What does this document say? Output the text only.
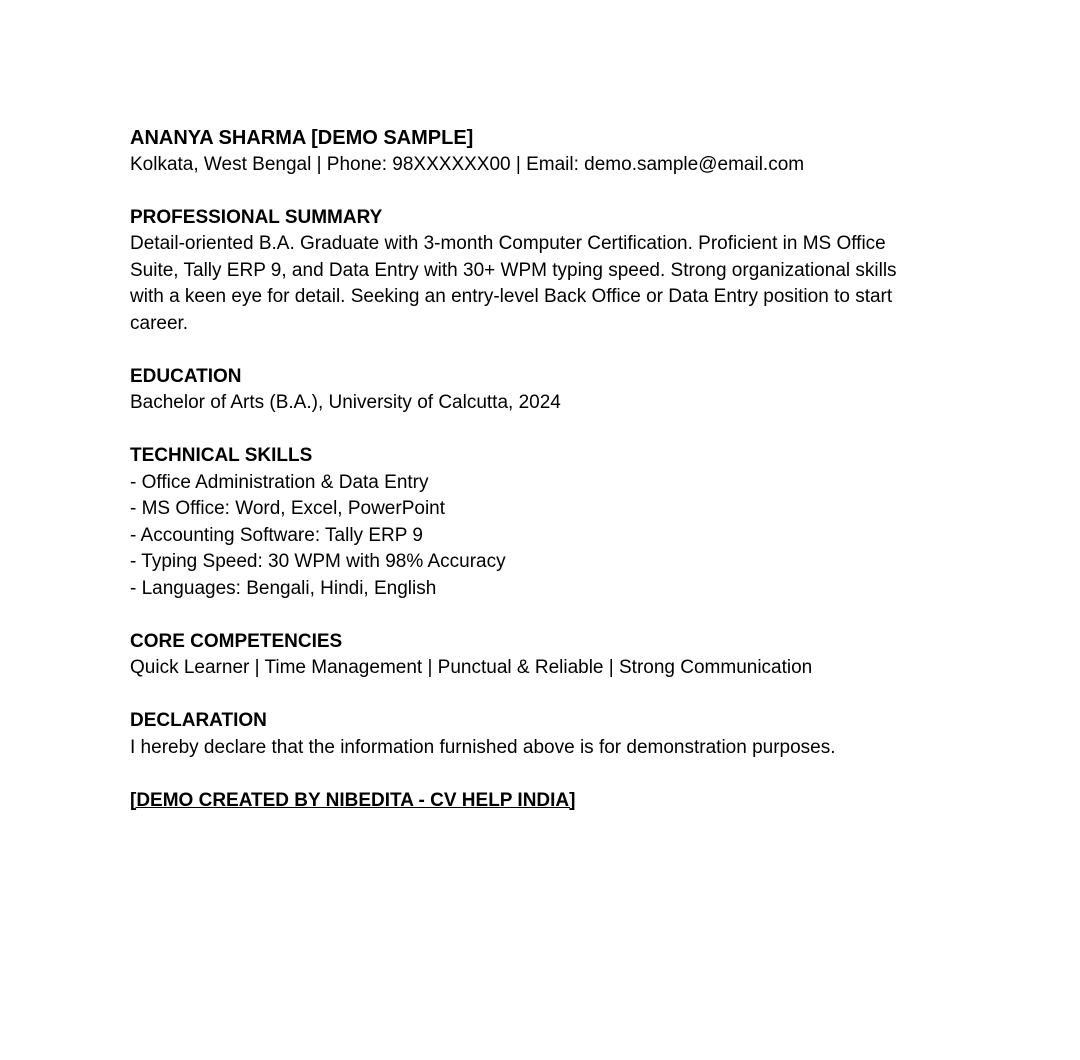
ANANYA SHARMA [DEMO SAMPLE]
Kolkata, West Bengal | Phone: 98XXXXXX00 | Email: demo.sample@email.com
PROFESSIONAL SUMMARY
Detail-oriented B.A. Graduate with 3-month Computer Certification. Proficient in MS Office
Suite, Tally ERP 9, and Data Entry with 30+ WPM typing speed. Strong organizational skills
with a keen eye for detail. Seeking an entry-level Back Office or Data Entry position to start
career.
EDUCATION
Bachelor of Arts (B.A.), University of Calcutta, 2024
TECHNICAL SKILLS
- Office Administration & Data Entry
- MS Office: Word, Excel, PowerPoint
- Accounting Software: Tally ERP 9
- Typing Speed: 30 WPM with 98% Accuracy
- Languages: Bengali, Hindi, English
CORE COMPETENCIES
Quick Learner | Time Management | Punctual & Reliable | Strong Communication
DECLARATION
I hereby declare that the information furnished above is for demonstration purposes.
[DEMO CREATED BY NIBEDITA - CV HELP INDIA]
